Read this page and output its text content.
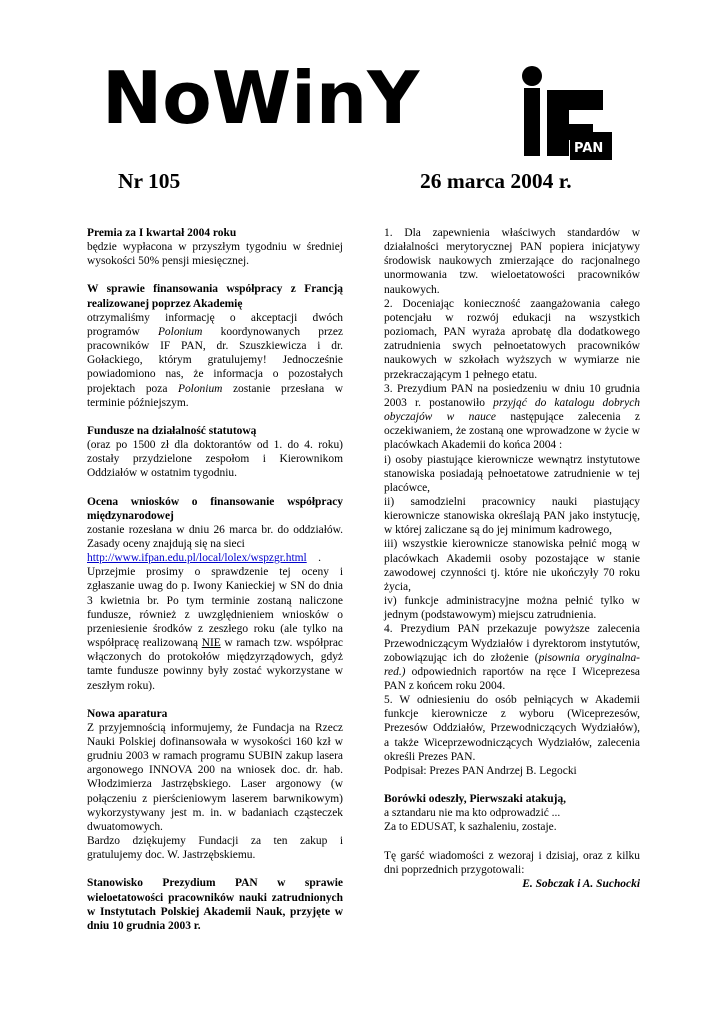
NoWinY
PAN
Nr 105	26 marca 2004 r.

Premia za I kwartał 2004 roku

będzie wypłacona w przyszłym tygodniu w średniej wysokości 50% pensji miesięcznej.

W sprawie finansowania współpracy z Francją realizowanej poprzez Akademię

otrzymaliśmy informację o akceptacji dwóch programów Polonium koordynowanych przez pracowników IF PAN, dr. Szuszkiewicza i dr. Gołackiego, którym gratulujemy! Jednocześnie powiadomiono nas, że informacja o pozostałych projektach poza Polonium zostanie przesłana w terminie późniejszym.

Fundusze na działalność statutową

(oraz po 1500 zł dla doktorantów od 1. do 4. roku) zostały przydzielone zespołom i Kierownikom Oddziałów w ostatnim tygodniu.

Ocena wniosków o finansowanie współpracy międzynarodowej

zostanie rozesłana w dniu 26 marca br. do oddziałów. Zasady oceny znajdują się na sieci

http://www.ifpan.edu.pl/local/lolex/wspzgr.html .

Uprzejmie prosimy o sprawdzenie tej oceny i zgłaszanie uwag do p. Iwony Kanieckiej w SN do dnia 3 kwietnia br. Po tym terminie zostaną naliczone fundusze, również z uwzględnieniem wniosków o przeniesienie środków z zeszłego roku (ale tylko na współpracę realizowaną NIE w ramach tzw. współprac włączonych do protokołów międzyrządowych, gdyż tamte fundusze powinny były zostać wykorzystane w zeszłym roku).

Nowa aparatura

Z przyjemnością informujemy, że Fundacja na Rzecz Nauki Polskiej dofinansowała w wysokości 160 kzł w grudniu 2003 w ramach programu SUBIN zakup lasera argonowego INNOVA 200 na wniosek doc. dr. hab. Włodzimierza Jastrzębskiego. Laser argonowy (w połączeniu z pierścieniowym laserem barwnikowym) wykorzystywany jest m. in. w badaniach cząsteczek dwuatomowych.

Bardzo dziękujemy Fundacji za ten zakup i gratulujemy doc. W. Jastrzębskiemu.

Stanowisko Prezydium PAN w sprawie wieloetatowości pracowników nauki zatrudnionych w Instytutach Polskiej Akademii Nauk, przyjęte w dniu 10 grudnia 2003 r.

1. Dla zapewnienia właściwych standardów w działalności merytorycznej PAN popiera inicjatywy środowisk naukowych zmierzające do racjonalnego unormowania tzw. wieloetatowości pracowników naukowych.

2. Doceniając konieczność zaangażowania całego potencjału w rozwój edukacji na wszystkich poziomach, PAN wyraża aprobatę dla dodatkowego zatrudnienia swych pełnoetatowych pracowników naukowych w szkołach wyższych w wymiarze nie przekraczającym 1 pełnego etatu.

3. Prezydium PAN na posiedzeniu w dniu 10 grudnia 2003 r. postanowiło przyjąć do katalogu dobrych obyczajów w nauce następujące zalecenia z oczekiwaniem, że zostaną one wprowadzone w życie w placówkach Akademii do końca 2004 :

i) osoby piastujące kierownicze wewnątrz instytutowe stanowiska posiadają pełnoetatowe zatrudnienie w tej placówce,

ii) samodzielni pracownicy nauki piastujący kierownicze stanowiska określają PAN jako instytucję, w której zaliczane są do jej minimum kadrowego,

iii) wszystkie kierownicze stanowiska pełnić mogą w placówkach Akademii osoby pozostające w stanie zawodowej czynności tj. które nie ukończyły 70 roku życia,

iv) funkcje administracyjne można pełnić tylko w jednym (podstawowym) miejscu zatrudnienia.

4. Prezydium PAN przekazuje powyższe zalecenia Przewodniczącym Wydziałów i dyrektorom instytutów, zobowiązując ich do złożenie (pisownia oryginalna- red.) odpowiednich raportów na ręce I Wiceprezesa PAN z końcem roku 2004.

5. W odniesieniu do osób pełniących w Akademii funkcje kierownicze z wyboru (Wiceprezesów, Prezesów Oddziałów, Przewodniczących Wydziałów), a także Wiceprzewodniczących Wydziałów, zalecenia określi Prezes PAN.

Podpisał: Prezes PAN Andrzej B. Legocki

Borówki odeszły, Pierwszaki atakują,

a sztandaru nie ma kto odprowadzić ...

Za to EDUSAT, k sazhaleniu, zostaje.

Tę garść wiadomości z wezoraj i dzisiaj, oraz z kilku dni poprzednich przygotowali:

E. Sobczak i A. Suchocki
